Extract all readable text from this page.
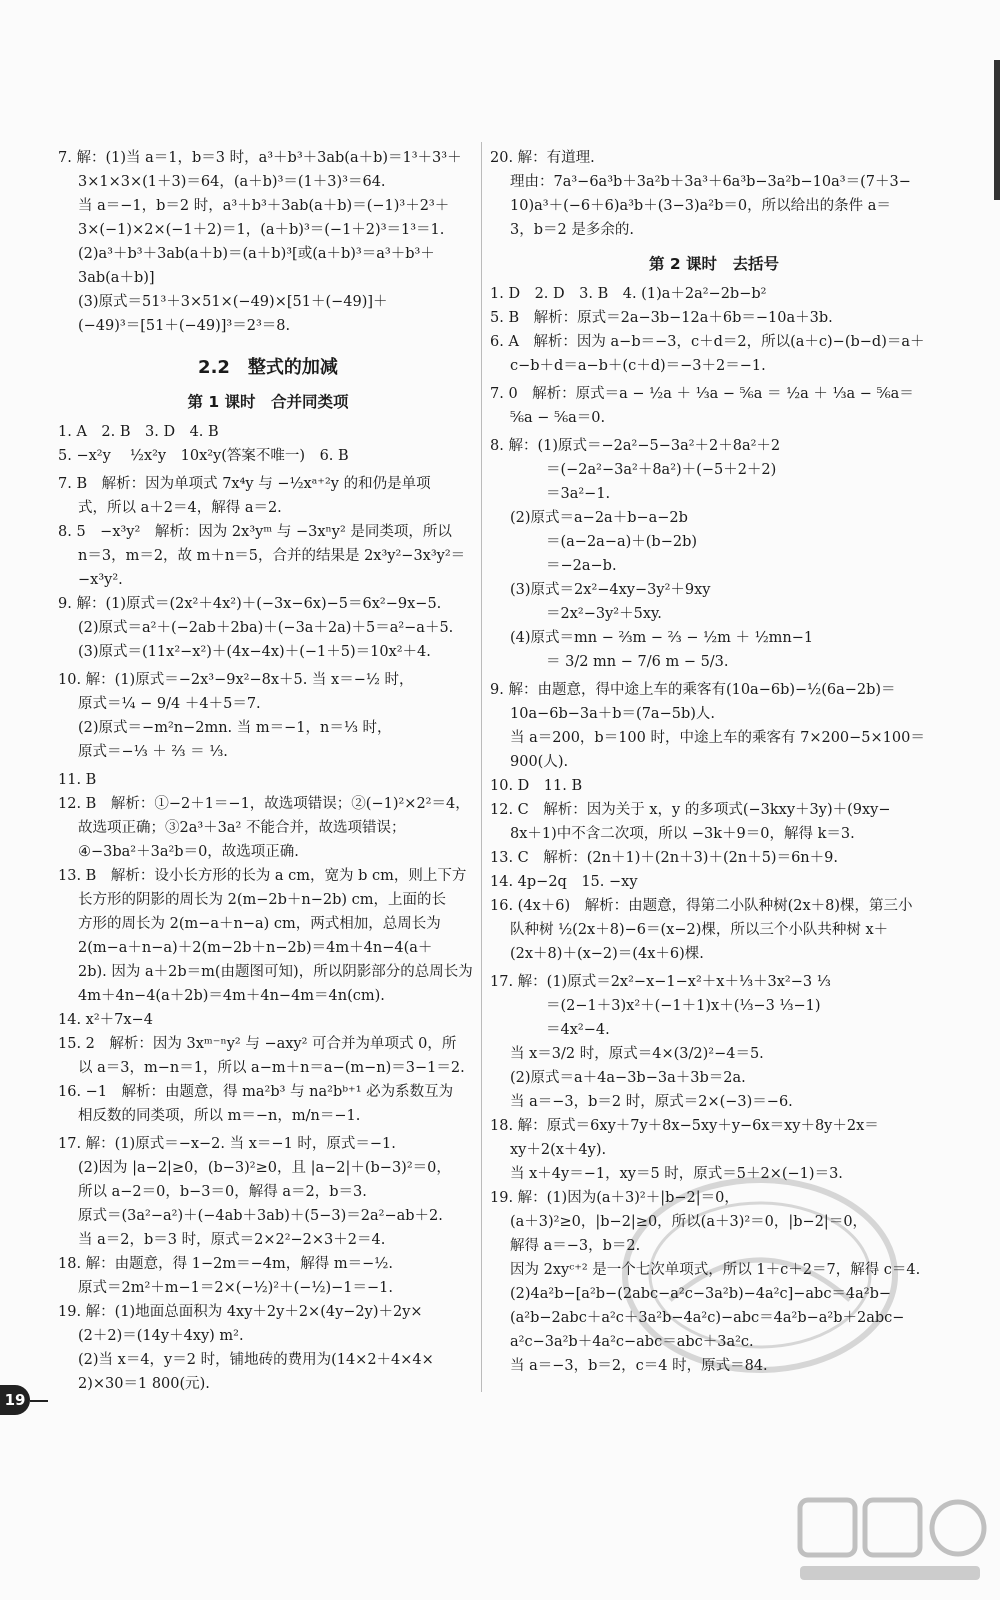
7. 解：(1)当 a＝1，b＝3 时，a³＋b³＋3ab(a＋b)＝1³＋3³＋
3×1×3×(1＋3)＝64，(a＋b)³＝(1＋3)³＝64.
当 a＝−1，b＝2 时，a³＋b³＋3ab(a＋b)＝(−1)³＋2³＋
3×(−1)×2×(−1＋2)＝1，(a＋b)³＝(−1＋2)³＝1³＝1.
(2)a³＋b³＋3ab(a＋b)＝(a＋b)³[或(a＋b)³＝a³＋b³＋
3ab(a＋b)]
(3)原式＝51³＋3×51×(−49)×[51＋(−49)]＋
(−49)³＝[51＋(−49)]³＝2³＝8.
2.2　整式的加减
第 1 课时　合并同类项
1. A　2. B　3. D　4. B
5. −x²y　 ½x²y　10x²y(答案不唯一)　6. B
7. B　解析：因为单项式 7x⁴y 与 −½xᵃ⁺²y 的和仍是单项
式，所以 a＋2＝4，解得 a＝2.
8. 5　−x³y²　解析：因为 2x³yᵐ 与 −3xⁿy² 是同类项，所以
n＝3，m＝2，故 m＋n＝5，合并的结果是 2x³y²−3x³y²＝
−x³y².
9. 解：(1)原式＝(2x²＋4x²)＋(−3x−6x)−5＝6x²−9x−5.
(2)原式＝a²＋(−2ab＋2ba)＋(−3a＋2a)＋5＝a²−a＋5.
(3)原式＝(11x²−x²)＋(4x−4x)＋(−1＋5)＝10x²＋4.
10. 解：(1)原式＝−2x³−9x²−8x＋5. 当 x＝−½ 时，
原式＝¼ − 9/4 ＋4＋5＝7.
(2)原式＝−m²n−2mn. 当 m＝−1，n＝⅓ 时，
原式＝−⅓ ＋ ⅔ ＝ ⅓.
11. B
12. B　解析：①−2＋1＝−1，故选项错误；②(−1)²×2²＝4，
故选项正确；③2a³＋3a² 不能合并，故选项错误；
④−3ba²＋3a²b＝0，故选项正确.
13. B　解析：设小长方形的长为 a cm，宽为 b cm，则上下方
长方形的阴影的周长为 2(m−2b＋n−2b) cm，上面的长
方形的周长为 2(m−a＋n−a) cm，两式相加，总周长为
2(m−a＋n−a)＋2(m−2b＋n−2b)＝4m＋4n−4(a＋
2b). 因为 a＋2b＝m(由题图可知)，所以阴影部分的总周长为
4m＋4n−4(a＋2b)＝4m＋4n−4m＝4n(cm).
14. x²＋7x−4
15. 2　解析：因为 3xᵐ⁻ⁿy² 与 −axy² 可合并为单项式 0，所
以 a＝3，m−n＝1，所以 a−m＋n＝a−(m−n)＝3−1＝2.
16. −1　解析：由题意，得 ma²b³ 与 na²bᵇ⁺¹ 必为系数互为
相反数的同类项，所以 m＝−n，m/n＝−1.
17. 解：(1)原式＝−x−2. 当 x＝−1 时，原式＝−1.
(2)因为 |a−2|≥0，(b−3)²≥0，且 |a−2|＋(b−3)²＝0，
所以 a−2＝0，b−3＝0，解得 a＝2，b＝3.
原式＝(3a²−a²)＋(−4ab＋3ab)＋(5−3)＝2a²−ab＋2.
当 a＝2，b＝3 时，原式＝2×2²−2×3＋2＝4.
18. 解：由题意，得 1−2m＝−4m，解得 m＝−½.
原式＝2m²＋m−1＝2×(−½)²＋(−½)−1＝−1.
19. 解：(1)地面总面积为 4xy＋2y＋2×(4y−2y)＋2y×
(2＋2)＝(14y＋4xy) m².
(2)当 x＝4，y＝2 时，铺地砖的费用为(14×2＋4×4×
2)×30＝1 800(元).
20. 解：有道理.
理由：7a³−6a³b＋3a²b＋3a³＋6a³b−3a²b−10a³＝(7＋3−
10)a³＋(−6＋6)a³b＋(3−3)a²b＝0，所以给出的条件 a＝
3，b＝2 是多余的.
第 2 课时　去括号
1. D　2. D　3. B　4. (1)a＋2a²−2b−b²
5. B　解析：原式＝2a−3b−12a＋6b＝−10a＋3b.
6. A　解析：因为 a−b＝−3，c＋d＝2，所以(a＋c)−(b−d)＝a＋
c−b＋d＝a−b＋(c＋d)＝−3＋2＝−1.
7. 0　解析：原式＝a − ½a ＋ ⅓a − ⅚a ＝ ½a ＋ ⅓a − ⅚a＝
⅚a − ⅚a＝0.
8. 解：(1)原式＝−2a²−5−3a²＋2＋8a²＋2
＝(−2a²−3a²＋8a²)＋(−5＋2＋2)
＝3a²−1.
(2)原式＝a−2a＋b−a−2b
＝(a−2a−a)＋(b−2b)
＝−2a−b.
(3)原式＝2x²−4xy−3y²＋9xy
＝2x²−3y²＋5xy.
(4)原式＝mn − ⅔m − ⅔ − ½m ＋ ½mn−1
＝ 3/2 mn − 7/6 m − 5/3.
9. 解：由题意，得中途上车的乘客有(10a−6b)−½(6a−2b)＝
10a−6b−3a＋b＝(7a−5b)人.
当 a＝200，b＝100 时，中途上车的乘客有 7×200−5×100＝
900(人).
10. D　11. B
12. C　解析：因为关于 x，y 的多项式(−3kxy＋3y)＋(9xy−
8x＋1)中不含二次项，所以 −3k＋9＝0，解得 k＝3.
13. C　解析：(2n＋1)＋(2n＋3)＋(2n＋5)＝6n＋9.
14. 4p−2q　15. −xy
16. (4x＋6)　解析：由题意，得第二小队种树(2x＋8)棵，第三小
队种树 ½(2x＋8)−6＝(x−2)棵，所以三个小队共种树 x＋
(2x＋8)＋(x−2)＝(4x＋6)棵.
17. 解：(1)原式＝2x²−x−1−x²＋x＋⅓＋3x²−3 ⅓
＝(2−1＋3)x²＋(−1＋1)x＋(⅓−3 ⅓−1)
＝4x²−4.
当 x＝3/2 时，原式＝4×(3/2)²−4＝5.
(2)原式＝a＋4a−3b−3a＋3b＝2a.
当 a＝−3，b＝2 时，原式＝2×(−3)＝−6.
18. 解：原式＝6xy＋7y＋8x−5xy＋y−6x＝xy＋8y＋2x＝
xy＋2(x＋4y).
当 x＋4y＝−1，xy＝5 时，原式＝5＋2×(−1)＝3.
19. 解：(1)因为(a＋3)²＋|b−2|＝0，
(a＋3)²≥0，|b−2|≥0，所以(a＋3)²＝0，|b−2|＝0，
解得 a＝−3，b＝2.
因为 2xyᶜ⁺² 是一个七次单项式，所以 1＋c＋2＝7，解得 c＝4.
(2)4a²b−[a²b−(2abc−a²c−3a²b)−4a²c]−abc＝4a²b−
(a²b−2abc＋a²c＋3a²b−4a²c)−abc＝4a²b−a²b＋2abc−
a²c−3a²b＋4a²c−abc＝abc＋3a²c.
当 a＝−3，b＝2，c＝4 时，原式＝84.
19
